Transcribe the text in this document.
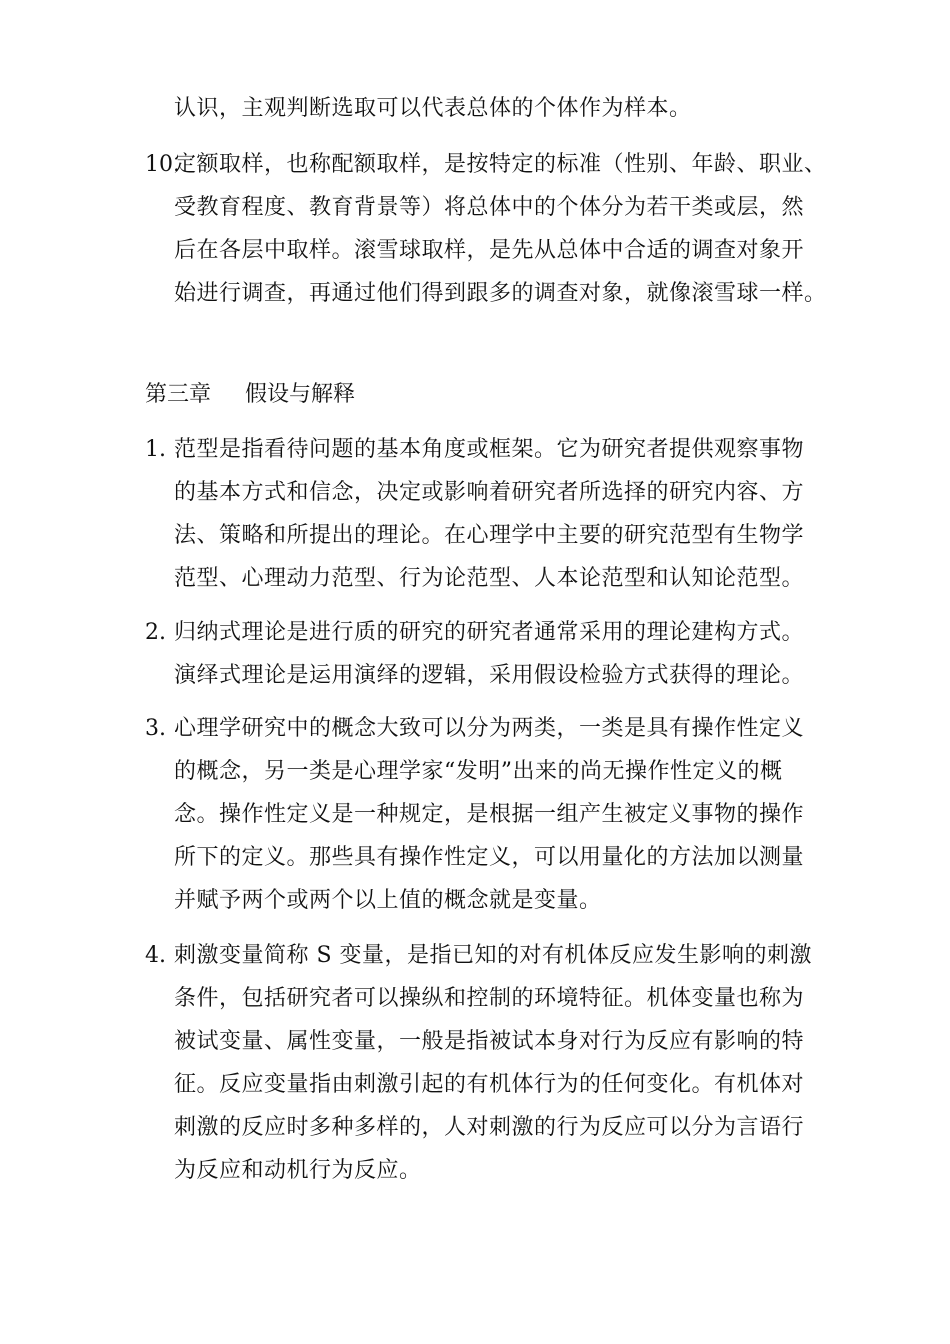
认识，主观判断选取可以代表总体的个体作为样本。
10.
定额取样，也称配额取样，是按特定的标准（性别、年龄、职业、
受教育程度、教育背景等）将总体中的个体分为若干类或层，然
后在各层中取样。滚雪球取样，是先从总体中合适的调查对象开
始进行调查，再通过他们得到跟多的调查对象，就像滚雪球一样。
第三章 假设与解释
1. 范型是指看待问题的基本角度或框架。它为研究者提供观察事物
的基本方式和信念，决定或影响着研究者所选择的研究内容、方
法、策略和所提出的理论。在心理学中主要的研究范型有生物学
范型、心理动力范型、行为论范型、人本论范型和认知论范型。
2. 归纳式理论是进行质的研究的研究者通常采用的理论建构方式。
演绎式理论是运用演绎的逻辑，采用假设检验方式获得的理论。
3. 心理学研究中的概念大致可以分为两类，一类是具有操作性定义
的概念，另一类是心理学家“发明”出来的尚无操作性定义的概
念。操作性定义是一种规定，是根据一组产生被定义事物的操作
所下的定义。那些具有操作性定义，可以用量化的方法加以测量
并赋予两个或两个以上值的概念就是变量。
4. 刺激变量简称 S 变量，是指已知的对有机体反应发生影响的刺激
条件，包括研究者可以操纵和控制的环境特征。机体变量也称为
被试变量、属性变量，一般是指被试本身对行为反应有影响的特
征。反应变量指由刺激引起的有机体行为的任何变化。有机体对
刺激的反应时多种多样的，人对刺激的行为反应可以分为言语行
为反应和动机行为反应。
